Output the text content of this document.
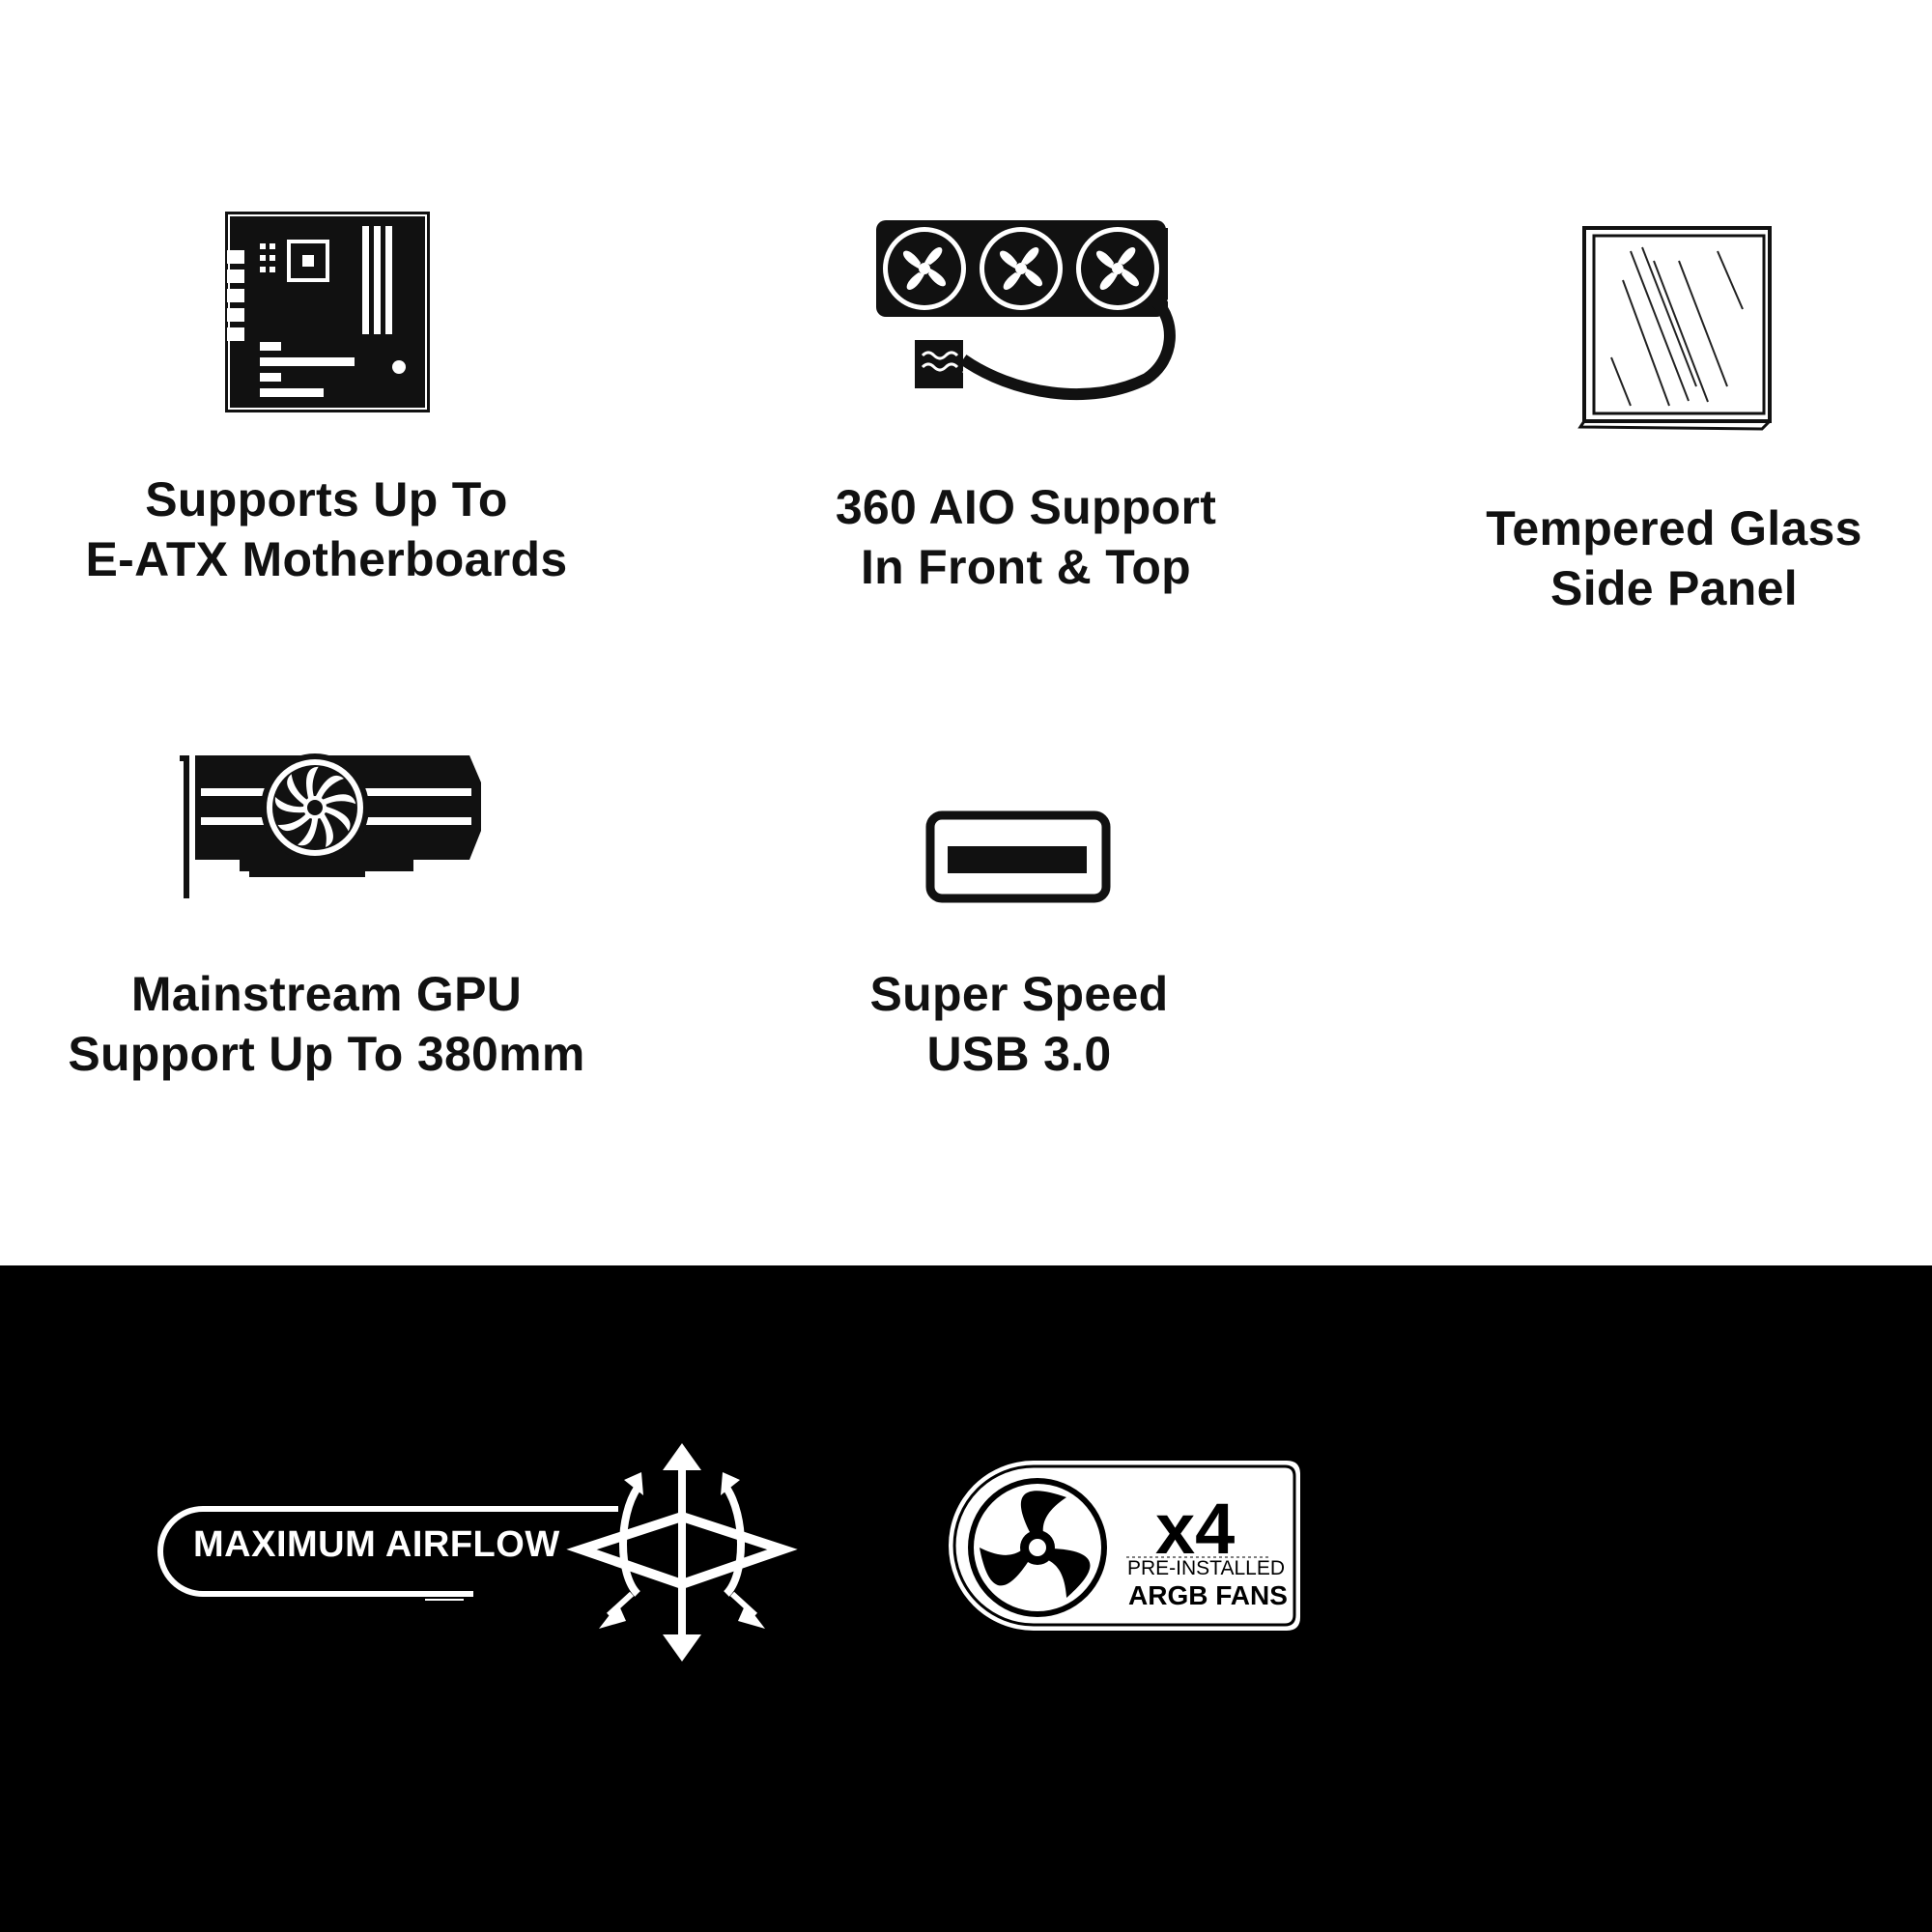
Supports Up To
E-ATX Motherboards
360 AIO Support
In Front & Top
Tempered Glass
Side Panel
Mainstream GPU
Support Up To 380mm
Super Speed
USB 3.0
MAXIMUM AIRFLOW	x4
PRE-INSTALLED
ARGB FANS
